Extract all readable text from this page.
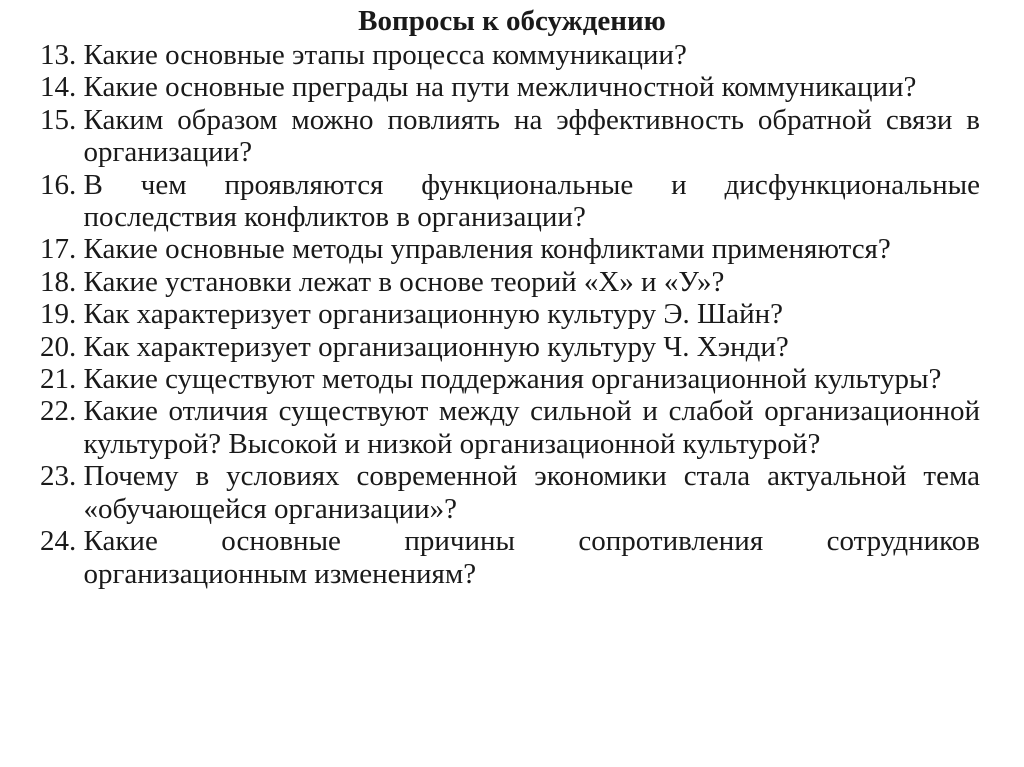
Вопросы к обсуждению
13.
Какие основные этапы процесса коммуникации?
14.
Какие основные преграды на пути межличностной коммуникации?
15.
Каким образом можно повлиять на эффективность обратной связи в организации?
16.
В чем проявляются функциональные и дисфункциональные последствия конфликтов в организации?
17.
Какие основные методы управления конфликтами применяются?
18.
Какие установки лежат в основе теорий «Х» и «У»?
19.
Как характеризует организационную культуру Э. Шайн?
20.
Как характеризует организационную культуру Ч. Хэнди?
21.
Какие существуют методы поддержания организационной культуры?
22.
Какие отличия существуют между сильной и слабой организационной культурой? Высокой и низкой организационной культурой?
23.
Почему в условиях современной экономики стала актуальной тема «обучающейся организации»?
24.
Какие основные причины сопротивления сотрудников организационным изменениям?
